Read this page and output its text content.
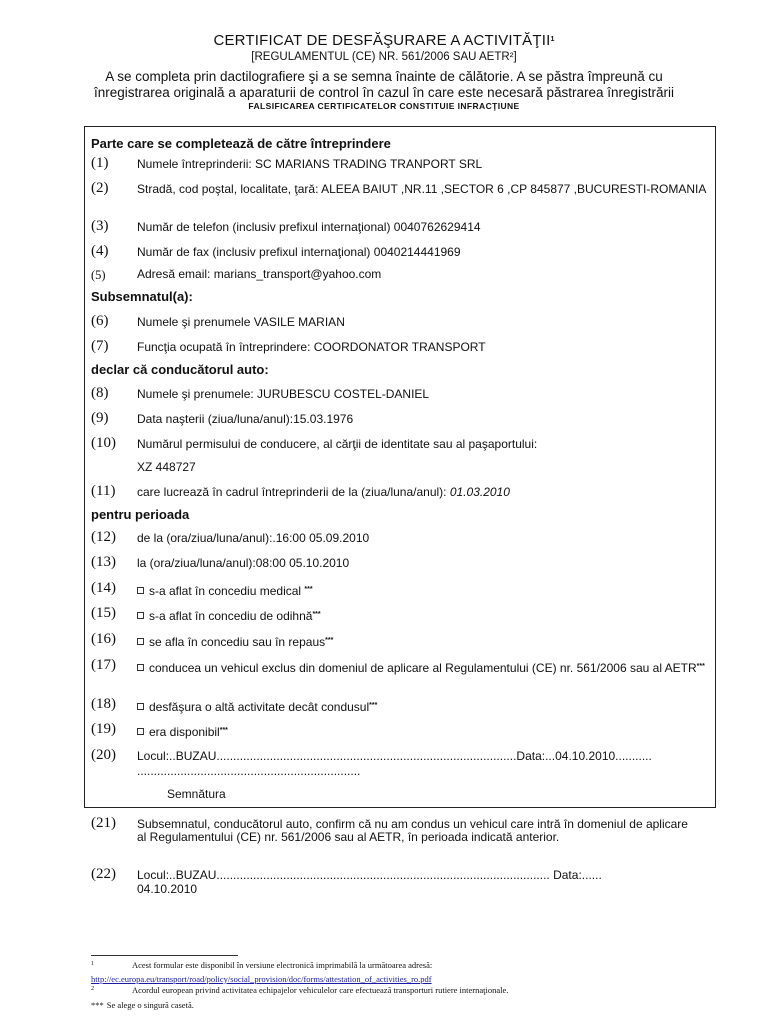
CERTIFICAT DE DESFĂŞURARE A ACTIVITĂŢII$^1$
[REGULAMENTUL (CE) NR. 561/2006 SAU AETR²]
A se completa prin dactilografiere şi a se semna înainte de călătorie. A se păstra împreună cu
înregistrarea originală a aparaturii de control în cazul în care este necesară păstrarea înregistrării
FALSIFICAREA CERTIFICATELOR CONSTITUIE INFRACŢIUNE
Parte care se completează de către întreprindere
(1) Numele întreprinderii: SC MARIANS TRADING TRANPORT SRL
(2) Stradă, cod poştal, localitate, ţară: ALEEA BAIUT ,NR.11 ,SECTOR 6 ,CP 845877 ,BUCURESTI-ROMANIA
(3) Număr de telefon (inclusiv prefixul internaţional) 0040762629414
(4) Număr de fax (inclusiv prefixul internaţional) 0040214441969
(5)	Adresă email: marians_transport@yahoo.com
Subsemnatul(a):
(6) Numele şi prenumele VASILE MARIAN
(7) Funcţia ocupată în întreprindere: COORDONATOR TRANSPORT
declar că conducătorul auto:
(8) Numele şi prenumele: JURUBESCU COSTEL-DANIEL
(9) Data naşterii (ziua/luna/anul):15.03.1976
(10) Numărul permisului de conducere, al cărţii de identitate sau al paşaportului:
XZ 448727
(11) care lucrează în cadrul întreprinderii de la (ziua/luna/anul): 01.03.2010
pentru perioada
(12) de la (ora/ziua/luna/anul):.16:00 05.09.2010
(13) la (ora/ziua/luna/anul):08:00 05.10.2010
(14)	s-a aflat în concediu medical ***
(15)	s-a aflat în concediu de odihnă***
(16)	se afla în concediu sau în repaus***
(17)	conducea un vehicul exclus din domeniul de aplicare al Regulamentului (CE) nr. 561/2006 sau al AETR***
(18)	desfăşura o altă activitate decât condusul***
(19)	era disponibil***
(20) Locul:..BUZAU..........................................................................................Data:...04.10.2010...........
...................................................................
Semnătura
(21) Subsemnatul, conducătorul auto, confirm că nu am condus un vehicul care intră în domeniul de aplicare al Regulamentului (CE) nr. 561/2006 sau al AETR, în perioada indicată anterior.
(22) Locul:..BUZAU.................................................................................................... Data:......
04.10.2010
$^1$	Acest formular este disponibil în versiune electronică imprimabilă la următoarea adresă:
http://ec.europa.eu/transport/road/policy/social_provision/doc/forms/attestation_of_activities_ro.pdf
$^2$	Acordul european privind activitatea echipajelor vehiculelor care efectuează transporturi rutiere internaţionale.
*** Se alege o singură casetă.
